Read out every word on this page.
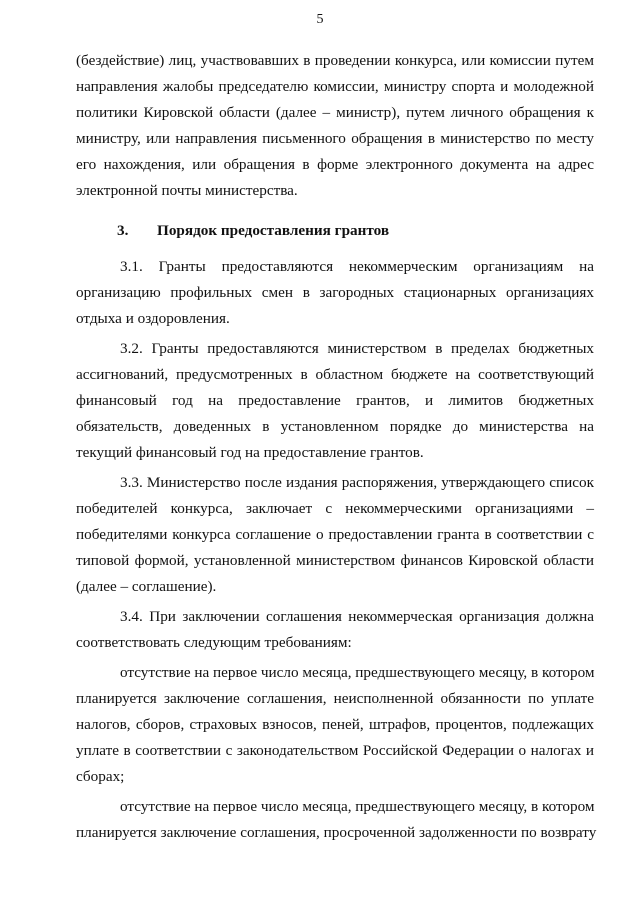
5
(бездействие) лиц, участвовавших в проведении конкурса, или комиссии путем
направления жалобы председателю комиссии, министру спорта и молодежной
политики Кировской области (далее – министр), путем личного обращения к
министру, или направления письменного обращения в министерство по месту
его нахождения, или обращения в форме электронного документа на адрес
электронной почты министерства.
3. Порядок предоставления грантов
3.1. Гранты предоставляются некоммерческим организациям на
организацию профильных смен в загородных стационарных организациях
отдыха и оздоровления.
3.2. Гранты предоставляются министерством в пределах бюджетных
ассигнований, предусмотренных в областном бюджете на соответствующий
финансовый год на предоставление грантов, и лимитов бюджетных
обязательств, доведенных в установленном порядке до министерства на
текущий финансовый год на предоставление грантов.
3.3. Министерство после издания распоряжения, утверждающего список
победителей конкурса, заключает с некоммерческими организациями –
победителями конкурса соглашение о предоставлении гранта в соответствии с
типовой формой, установленной министерством финансов Кировской области
(далее – соглашение).
3.4. При заключении соглашения некоммерческая организация должна
соответствовать следующим требованиям:
отсутствие на первое число месяца, предшествующего месяцу, в котором
планируется заключение соглашения, неисполненной обязанности по уплате
налогов, сборов, страховых взносов, пеней, штрафов, процентов, подлежащих
уплате в соответствии с законодательством Российской Федерации о налогах и
сборах;
отсутствие на первое число месяца, предшествующего месяцу, в котором
планируется заключение соглашения, просроченной задолженности по возврату
